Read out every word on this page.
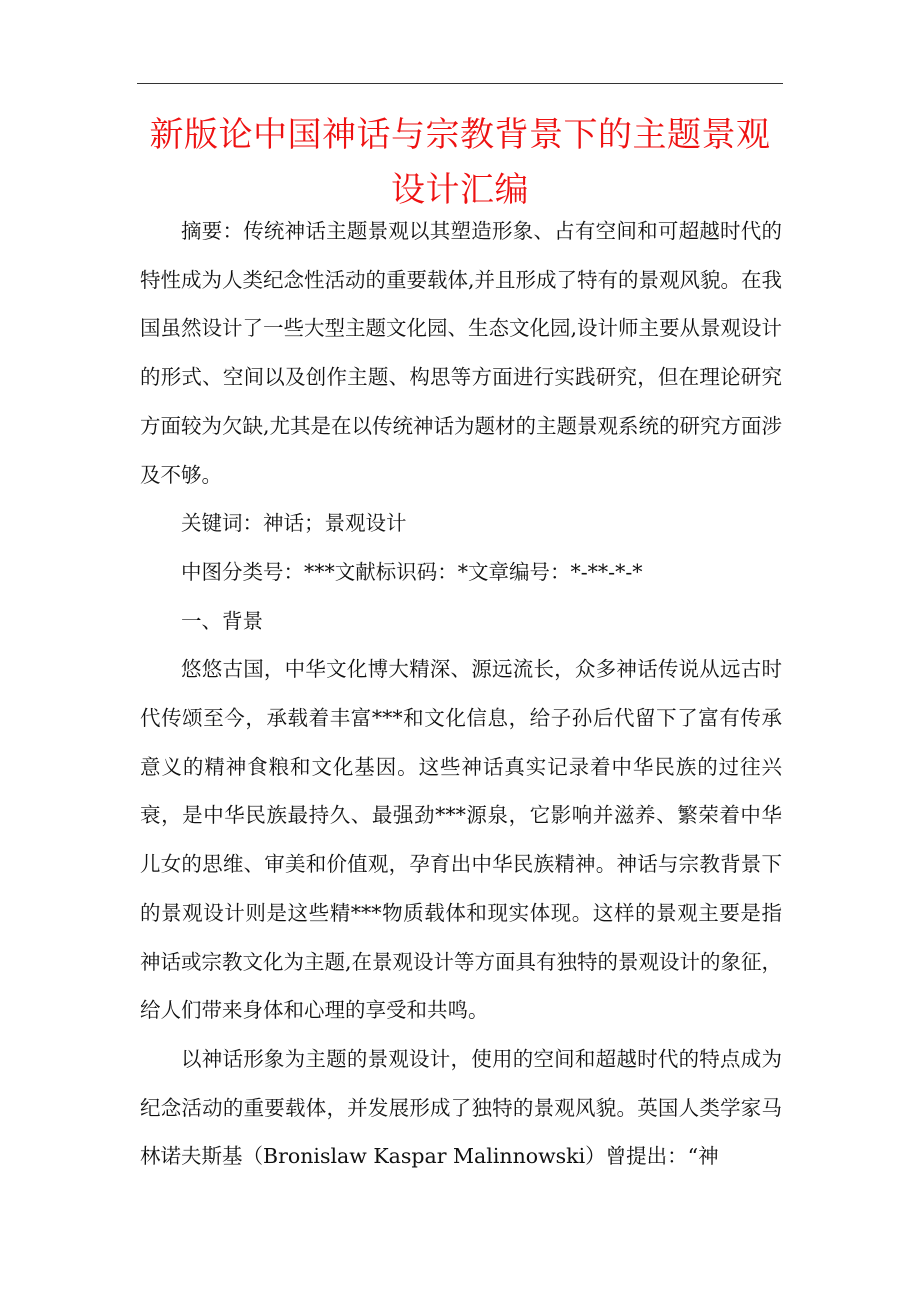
新版论中国神话与宗教背景下的主题景观设计汇编

摘要：传统神话主题景观以其塑造形象、占有空间和可超越时代的特性成为人类纪念性活动的重要载体,并且形成了特有的景观风貌。在我国虽然设计了一些大型主题文化园、生态文化园,设计师主要从景观设计的形式、空间以及创作主题、构思等方面进行实践研究，但在理论研究方面较为欠缺,尤其是在以传统神话为题材的主题景观系统的研究方面涉及不够。

关键词：神话；景观设计

中图分类号：***文献标识码：*文章编号：*-**-*-*

一、背景

悠悠古国，中华文化博大精深、源远流长，众多神话传说从远古时代传颂至今，承载着丰富***和文化信息，给子孙后代留下了富有传承意义的精神食粮和文化基因。这些神话真实记录着中华民族的过往兴衰，是中华民族最持久、最强劲***源泉，它影响并滋养、繁荣着中华儿女的思维、审美和价值观，孕育出中华民族精神。神话与宗教背景下的景观设计则是这些精***物质载体和现实体现。这样的景观主要是指神话或宗教文化为主题,在景观设计等方面具有独特的景观设计的象征，给人们带来身体和心理的享受和共鸣。

以神话形象为主题的景观设计，使用的空间和超越时代的特点成为纪念活动的重要载体，并发展形成了独特的景观风貌。英国人类学家马林诺夫斯基（Bronislaw Kaspar Malinnowski）曾提出：“神
